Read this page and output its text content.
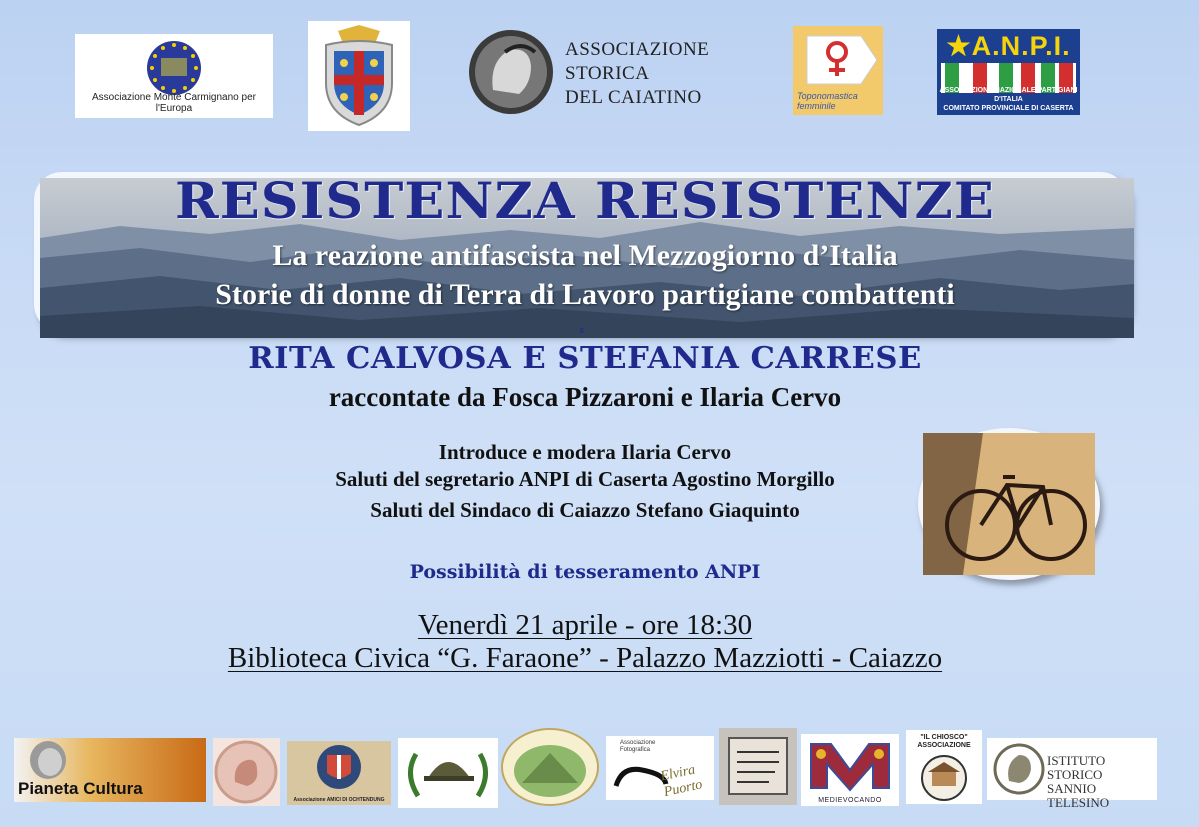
Associazione Monte Carmignano per l'Europa
ASSOCIAZIONE
STORICA
DEL CAIATINO	Toponomastica
femminile
★A.N.P.I.
ASSOCIAZIONE NAZIONALE PARTIGIANI D'ITALIA
COMITATO PROVINCIALE DI CASERTA
RESISTENZA RESISTENZE
La reazione antifascista nel Mezzogiorno d’Italia
Storie di donne di Terra di Lavoro partigiane combattenti
E
RITA CALVOSA E STEFANIA CARRESE
raccontate da Fosca Pizzaroni e Ilaria Cervo
Introduce e modera Ilaria Cervo
Saluti del segretario ANPI di Caserta Agostino Morgillo
Saluti del Sindaco di Caiazzo Stefano Giaquinto
Possibilità di tesseramento ANPI
Venerdì 21 aprile - ore 18:30
Biblioteca Civica “G. Faraone” - Palazzo Mazziotti - Caiazzo
Pianeta Cultura
Associazione AMICI DI OCHTENDUNG
Associazione
Fotografica
Elvira Puorto
MEDIEVOCANDO
"IL CHIOSCO"
ASSOCIAZIONE
ISTITUTO STORICO
SANNIO TELESINO
